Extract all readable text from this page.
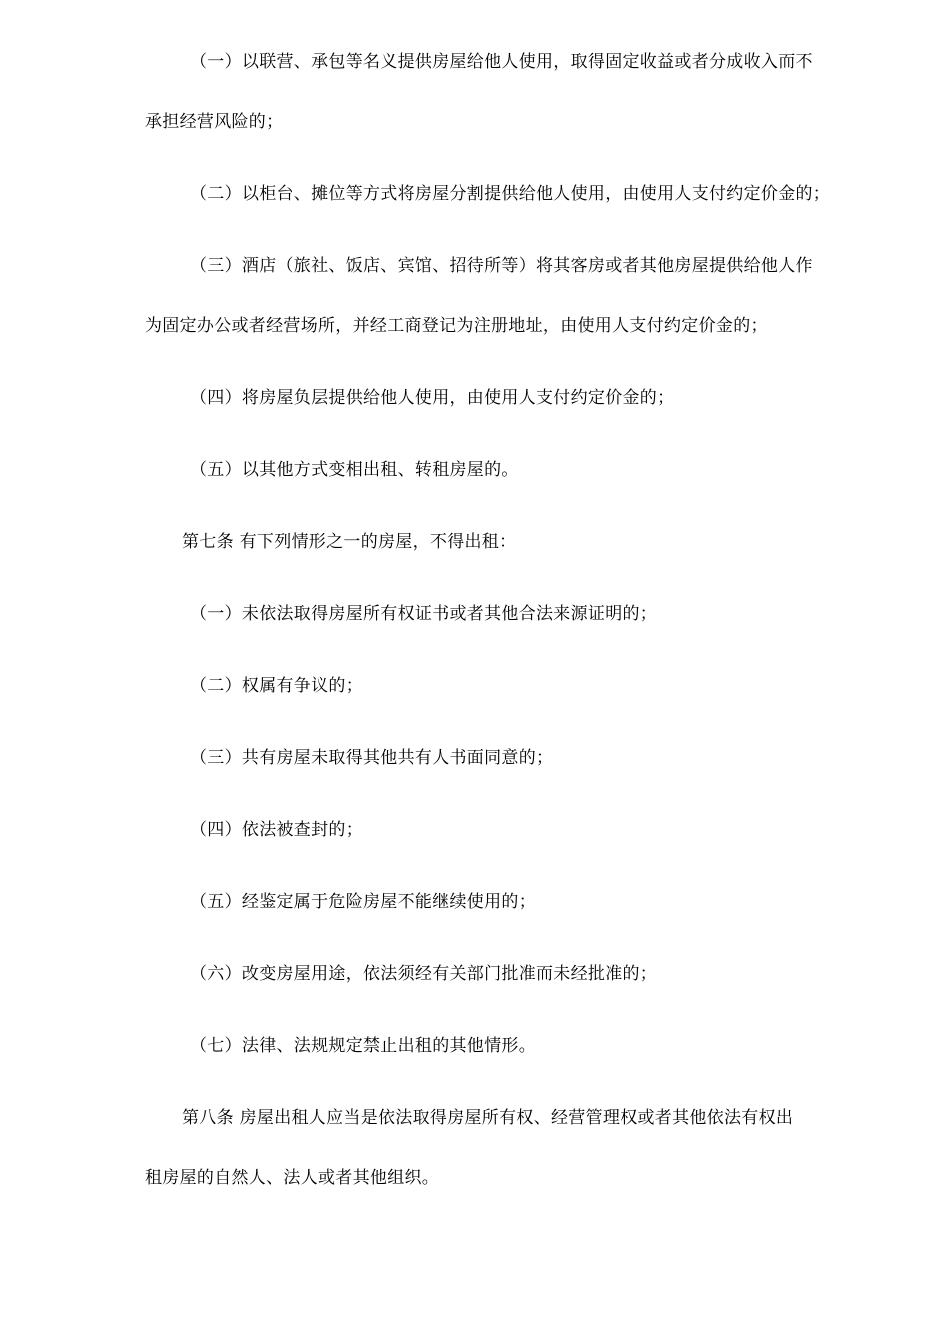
（一）以联营、承包等名义提供房屋给他人使用，取得固定收益或者分成收入而不
承担经营风险的；
（二）以柜台、摊位等方式将房屋分割提供给他人使用，由使用人支付约定价金的；
（三）酒店（旅社、饭店、宾馆、招待所等）将其客房或者其他房屋提供给他人作
为固定办公或者经营场所，并经工商登记为注册地址，由使用人支付约定价金的；
（四）将房屋负层提供给他人使用，由使用人支付约定价金的；
（五）以其他方式变相出租、转租房屋的。
第七条 有下列情形之一的房屋，不得出租：
（一）未依法取得房屋所有权证书或者其他合法来源证明的；
（二）权属有争议的；
（三）共有房屋未取得其他共有人书面同意的；
（四）依法被查封的；
（五）经鉴定属于危险房屋不能继续使用的；
（六）改变房屋用途，依法须经有关部门批准而未经批准的；
（七）法律、法规规定禁止出租的其他情形。
第八条 房屋出租人应当是依法取得房屋所有权、经营管理权或者其他依法有权出
租房屋的自然人、法人或者其他组织。
